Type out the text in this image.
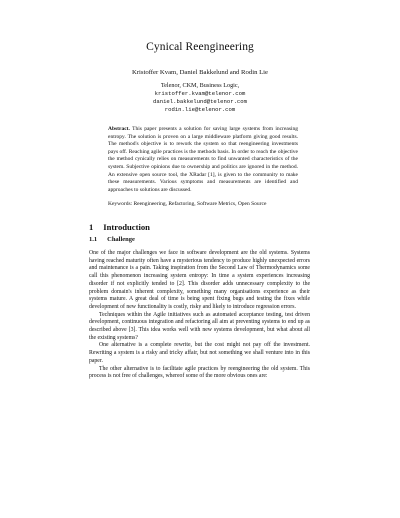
Cynical Reengineering
Kristoffer Kvam, Daniel Bakkelund and Rodin Lie
Telenor, CKM, Business Logic,
kristoffer.kvam@telenor.com
daniel.bakkelund@telenor.com
rodin.lie@telenor.com
Abstract. This paper presents a solution for saving large systems from increasing entropy. The solution is proven on a large middleware platform giving good results. The method's objective is to rework the system so that reengineering investments pays off. Reaching agile practices is the methods basis. In order to reach the objective the method cynically relies on measurements to find unwanted characteristics of the system. Subjective opinions due to ownership and politics are ignored in the method. An extensive open source tool, the XRadar [1], is given to the community to make these measurements. Various symptoms and measurements are identified and approaches to solutions are discussed.
Keywords: Reengineering, Refactoring, Software Metrics, Open Source
1 Introduction
1.1 Challenge

One of the major challenges we face in software development are the old systems. Systems having reached maturity often have a mysterious tendency to produce highly unexpected errors and maintenance is a pain. Taking inspiration from the Second Law of Thermodynamics some call this phenomenon increasing system entropy: In time a system experiences increasing disorder if not explicitly tended to [2]. This disorder adds unnecessary complexity to the problem domain's inherent complexity, something many organisations experience as their systems mature. A great deal of time is being spent fixing bugs and testing the fixes while development of new functionality is costly, risky and likely to introduce regression errors.

Techniques within the Agile initiatives such as automated acceptance testing, test driven development, continuous integration and refactoring all aim at preventing systems to end up as described above [3]. This idea works well with new systems development, but what about all the existing systems?

One alternative is a complete rewrite, but the cost might not pay off the investment. Rewriting a system is a risky and tricky affair, but not something we shall venture into in this paper.

The other alternative is to facilitate agile practices by reengineering the old system. This process is not free of challenges, whereof some of the more obvious ones are:
